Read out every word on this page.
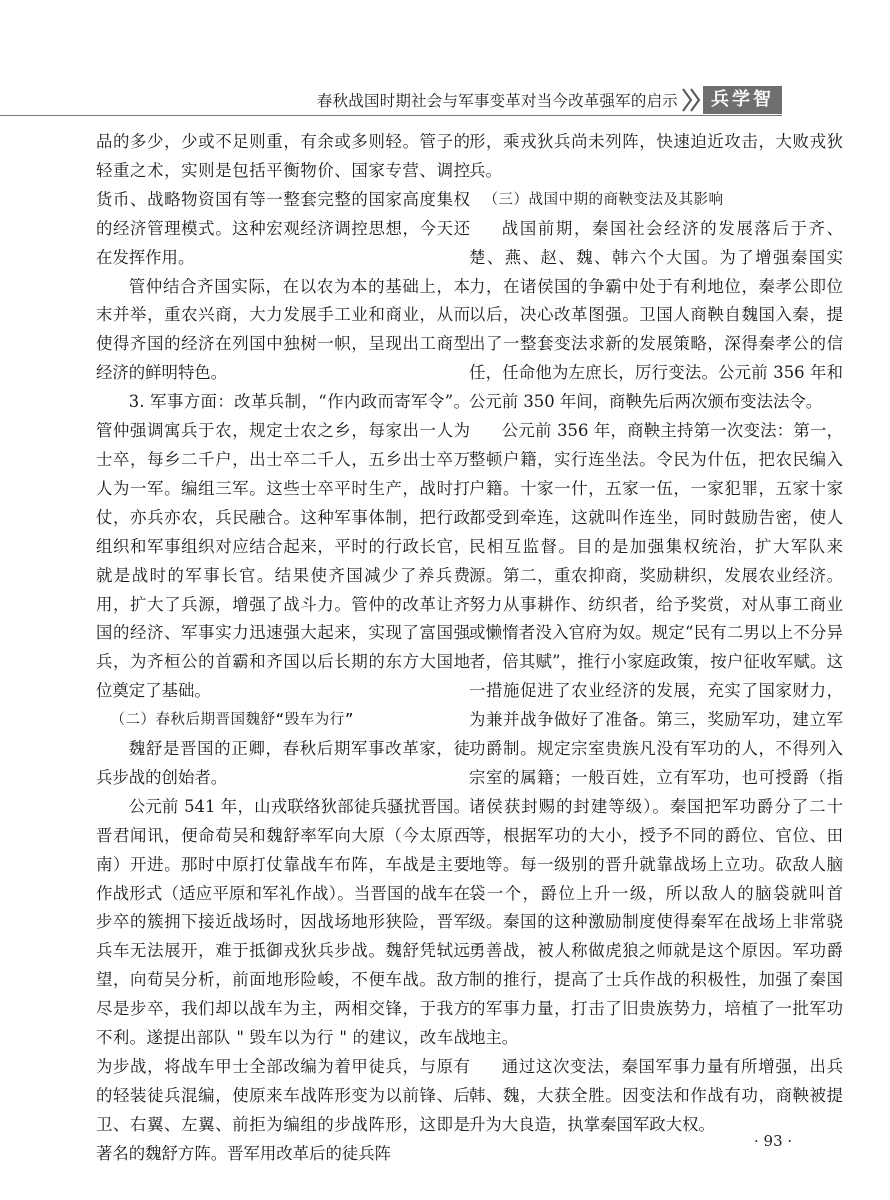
春秋战国时期社会与军事变革对当今改革强军的启示	兵学智库

品的多少，少或不足则重，有余或多则轻。管子的轻重之术，实则是包括平衡物价、国家专营、调控货币、战略物资国有等一整套完整的国家高度集权的经济管理模式。这种宏观经济调控思想，今天还在发挥作用。

管仲结合齐国实际，在以农为本的基础上，本末并举，重农兴商，大力发展手工业和商业，从而使得齐国的经济在列国中独树一帜，呈现出工商型经济的鲜明特色。

3. 军事方面：改革兵制，“作内政而寄军令”。管仲强调寓兵于农，规定士农之乡，每家出一人为士卒，每乡二千户，出士卒二千人，五乡出士卒万人为一军。编组三军。这些士卒平时生产，战时打仗，亦兵亦农，兵民融合。这种军事体制，把行政组织和军事组织对应结合起来，平时的行政长官，就是战时的军事长官。结果使齐国减少了养兵费用，扩大了兵源，增强了战斗力。管仲的改革让齐国的经济、军事实力迅速强大起来，实现了富国强兵，为齐桓公的首霸和齐国以后长期的东方大国地位奠定了基础。

（二）春秋后期晋国魏舒“毁车为行”

魏舒是晋国的正卿，春秋后期军事改革家，徒兵步战的创始者。

公元前 541 年，山戎联络狄部徒兵骚扰晋国。晋君闻讯，便命荀吴和魏舒率军向大原（今太原西南）开进。那时中原打仗靠战车布阵，车战是主要作战形式（适应平原和军礼作战）。当晋国的战车在步卒的簇拥下接近战场时，因战场地形狭险，晋军兵车无法展开，难于抵御戎狄兵步战。魏舒凭轼远望，向荀吴分析，前面地形险峻，不便车战。敌方尽是步卒，我们却以战车为主，两相交锋，于我方不利。遂提出部队 " 毁车以为行 " 的建议，改车战为步战，将战车甲士全部改编为着甲徒兵，与原有的轻装徒兵混编，使原来车战阵形变为以前锋、后卫、右翼、左翼、前拒为编组的步战阵形，这即是著名的魏舒方阵。晋军用改革后的徒兵阵

形，乘戎狄兵尚未列阵，快速迫近攻击，大败戎狄兵。

（三）战国中期的商鞅变法及其影响

战国前期，秦国社会经济的发展落后于齐、楚、燕、赵、魏、韩六个大国。为了增强秦国实力，在诸侯国的争霸中处于有利地位，秦孝公即位以后，决心改革图强。卫国人商鞅自魏国入秦，提出了一整套变法求新的发展策略，深得秦孝公的信任，任命他为左庶长，厉行变法。公元前 356 年和公元前 350 年间，商鞅先后两次颁布变法法令。

公元前 356 年，商鞅主持第一次变法：第一，整顿户籍，实行连坐法。令民为什伍，把农民编入户籍。十家一什，五家一伍，一家犯罪，五家十家都受到牵连，这就叫作连坐，同时鼓励告密，使人民相互监督。目的是加强集权统治，扩大军队来源。第二，重农抑商，奖励耕织，发展农业经济。努力从事耕作、纺织者，给予奖赏，对从事工商业或懒惰者没入官府为奴。规定“民有二男以上不分异者，倍其赋”，推行小家庭政策，按户征收军赋。这一措施促进了农业经济的发展，充实了国家财力，为兼并战争做好了准备。第三，奖励军功，建立军功爵制。规定宗室贵族凡没有军功的人，不得列入宗室的属籍；一般百姓，立有军功，也可授爵（指诸侯获封赐的封建等级）。秦国把军功爵分了二十等，根据军功的大小，授予不同的爵位、官位、田地等。每一级别的晋升就靠战场上立功。砍敌人脑袋一个，爵位上升一级，所以敌人的脑袋就叫首级。秦国的这种激励制度使得秦军在战场上非常骁勇善战，被人称做虎狼之师就是这个原因。军功爵制的推行，提高了士兵作战的积极性，加强了秦国的军事力量，打击了旧贵族势力，培植了一批军功地主。

通过这次变法，秦国军事力量有所增强，出兵韩、魏，大获全胜。因变法和作战有功，商鞅被提升为大良造，执掌秦国军政大权。

· 93 ·
